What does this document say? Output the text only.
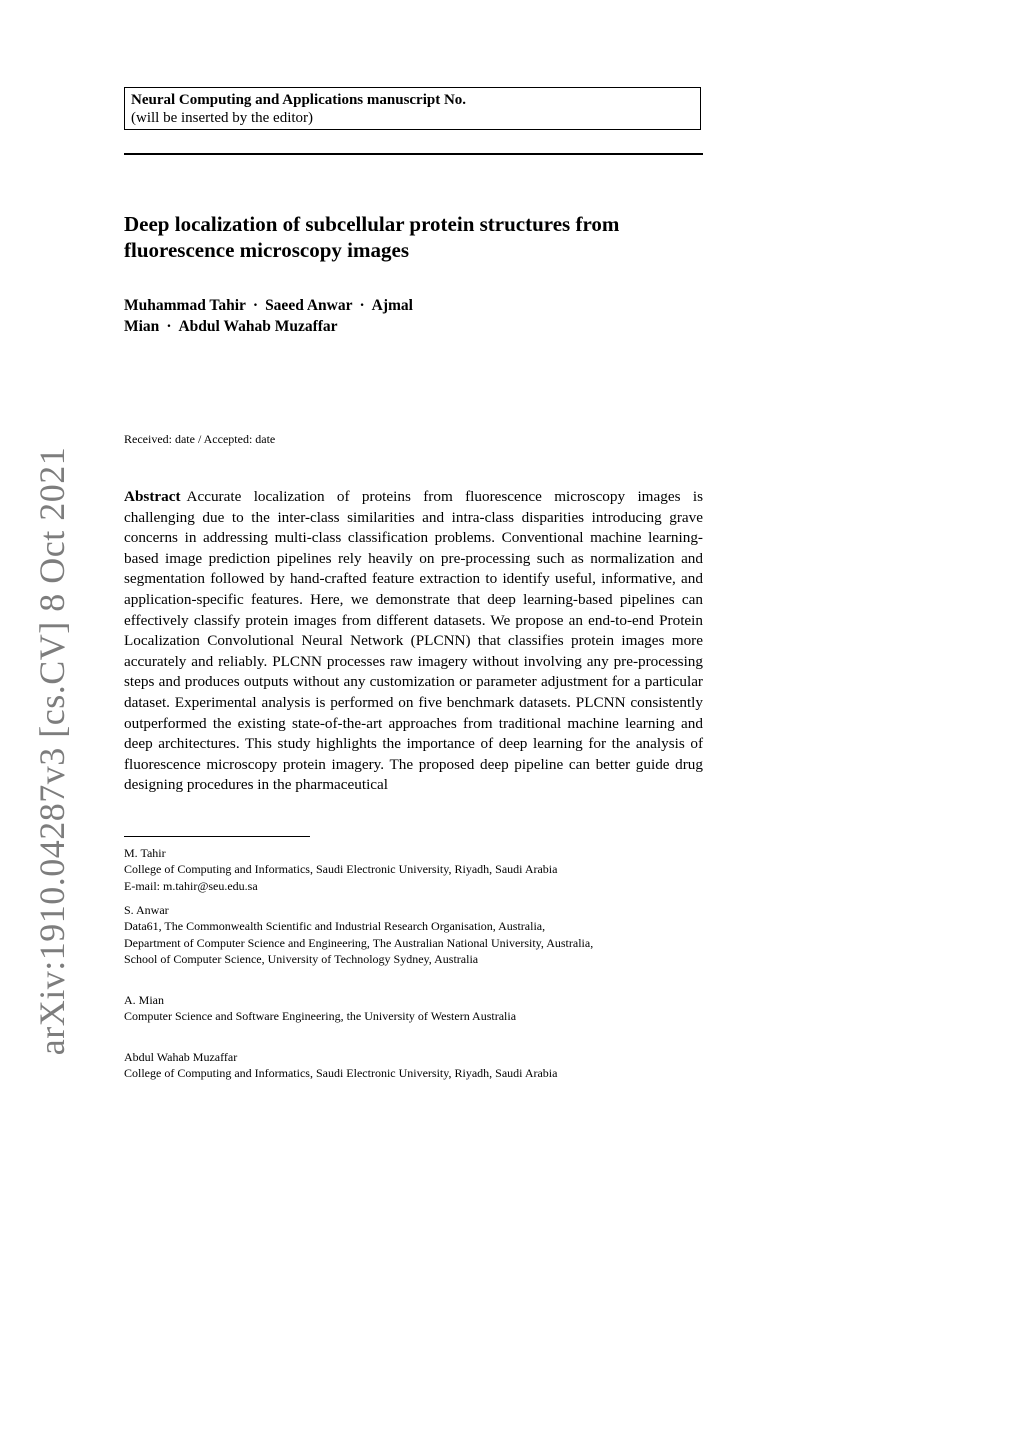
arXiv:1910.04287v3 [cs.CV] 8 Oct 2021
Neural Computing and Applications manuscript No.
(will be inserted by the editor)
Deep localization of subcellular protein structures from fluorescence microscopy images
Muhammad Tahir · Saeed Anwar · Ajmal
Mian · Abdul Wahab Muzaffar
Received: date / Accepted: date
Abstract Accurate localization of proteins from fluorescence microscopy images is challenging due to the inter-class similarities and intra-class disparities introducing grave concerns in addressing multi-class classification problems. Conventional machine learning-based image prediction pipelines rely heavily on pre-processing such as normalization and segmentation followed by hand-crafted feature extraction to identify useful, informative, and application-specific features. Here, we demonstrate that deep learning-based pipelines can effectively classify protein images from different datasets. We propose an end-to-end Protein Localization Convolutional Neural Network (PLCNN) that classifies protein images more accurately and reliably. PLCNN processes raw imagery without involving any pre-processing steps and produces outputs without any customization or parameter adjustment for a particular dataset. Experimental analysis is performed on five benchmark datasets. PLCNN consistently outperformed the existing state-of-the-art approaches from traditional machine learning and deep architectures. This study highlights the importance of deep learning for the analysis of fluorescence microscopy protein imagery. The proposed deep pipeline can better guide drug designing procedures in the pharmaceutical
M. Tahir
College of Computing and Informatics, Saudi Electronic University, Riyadh, Saudi Arabia
E-mail: m.tahir@seu.edu.sa
S. Anwar
Data61, The Commonwealth Scientific and Industrial Research Organisation, Australia,
Department of Computer Science and Engineering, The Australian National University, Australia,
School of Computer Science, University of Technology Sydney, Australia
A. Mian
Computer Science and Software Engineering, the University of Western Australia
Abdul Wahab Muzaffar
College of Computing and Informatics, Saudi Electronic University, Riyadh, Saudi Arabia
